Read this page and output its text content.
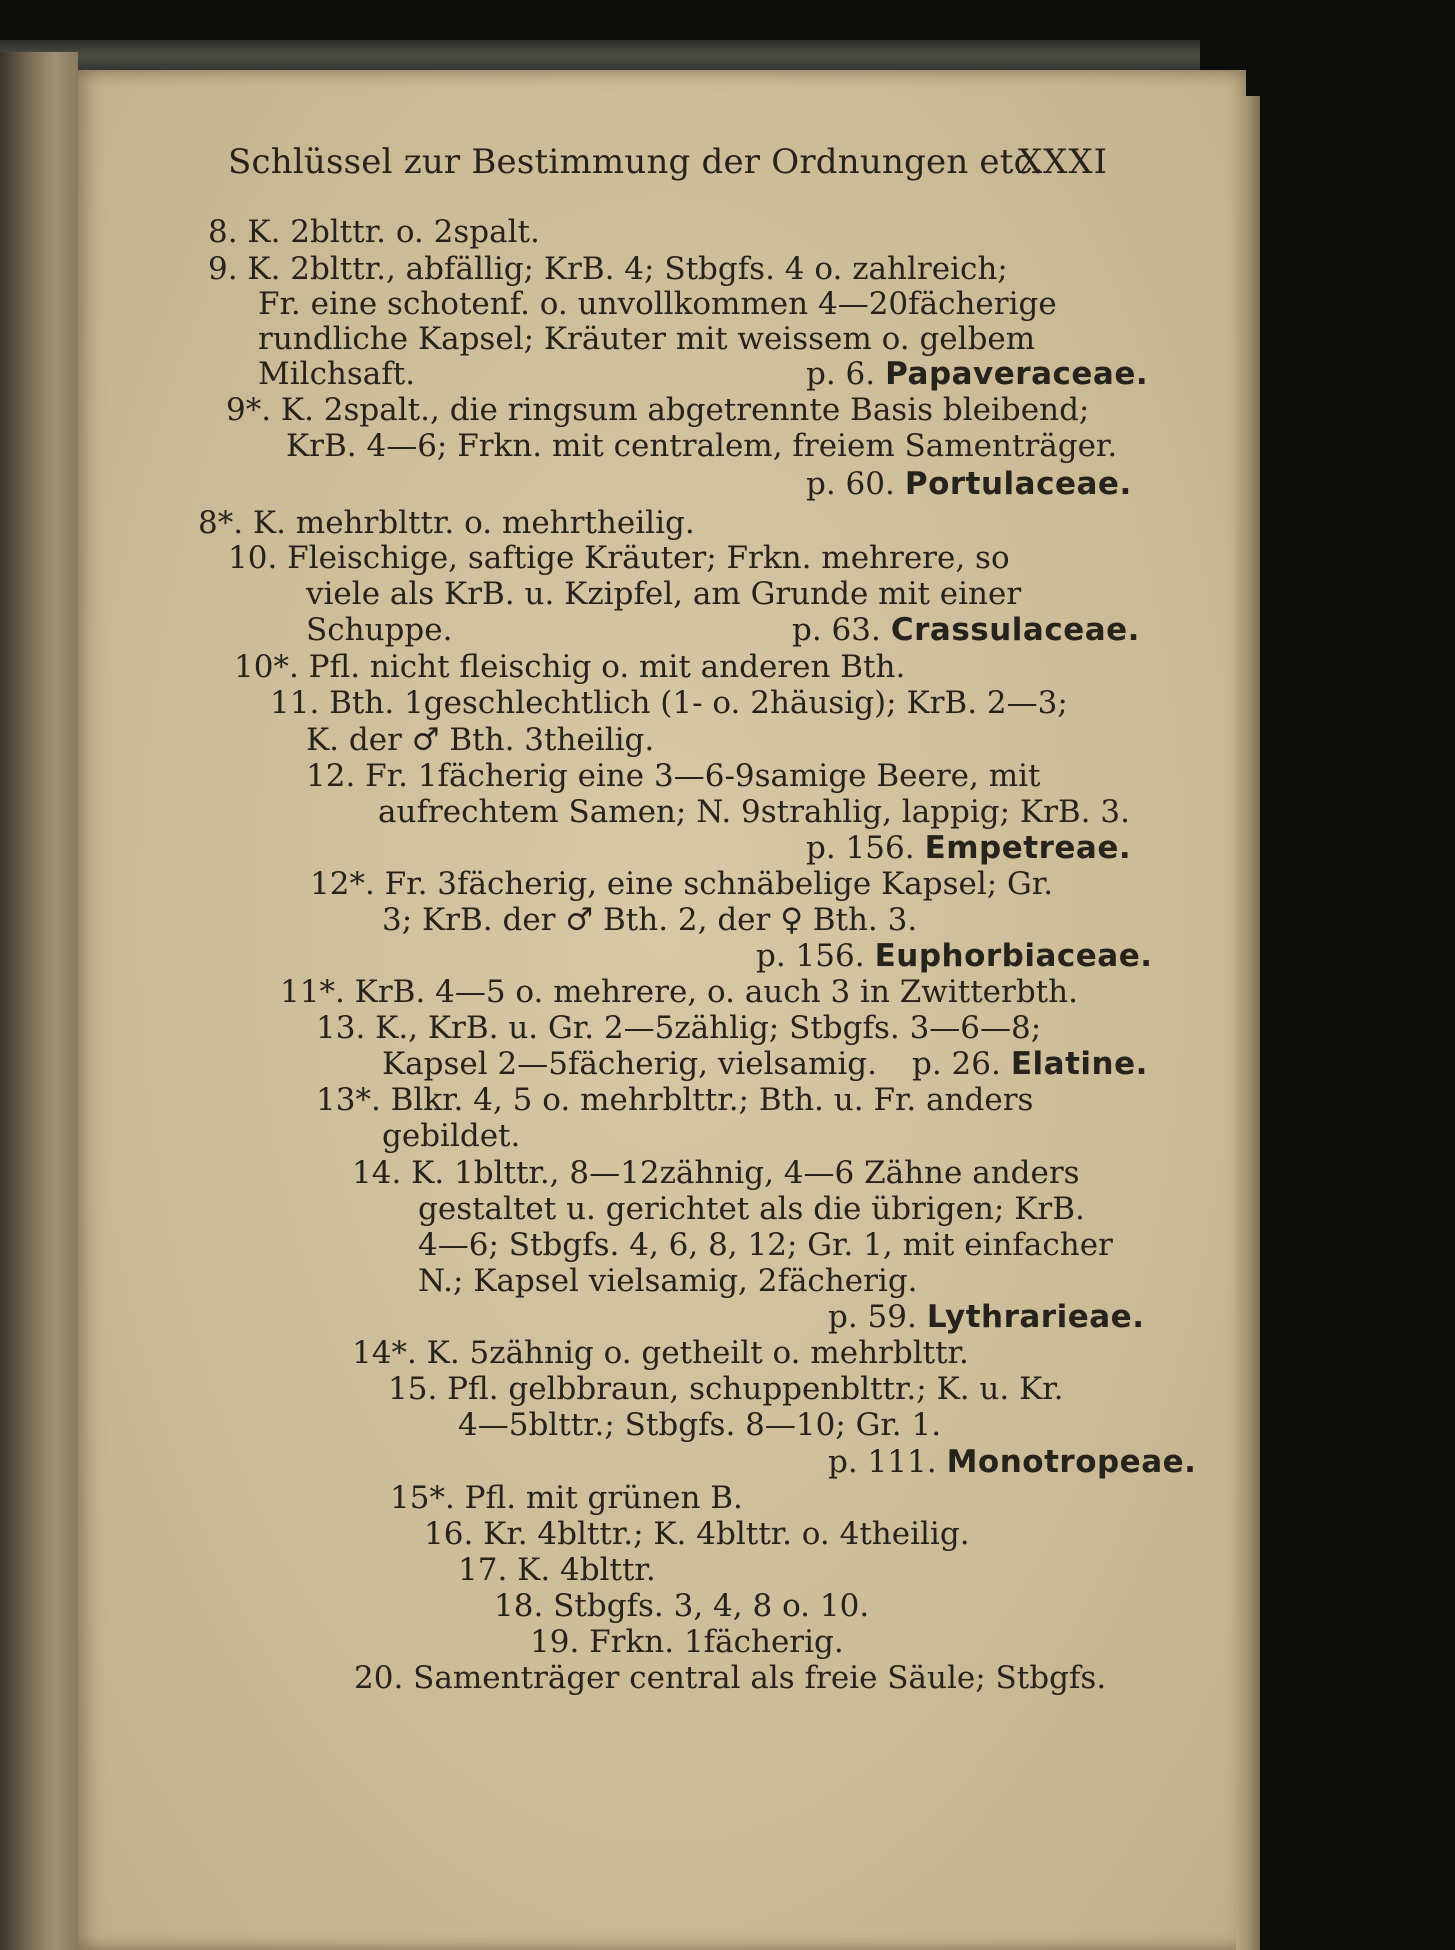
Schlüssel zur Bestimmung der Ordnungen etc.
XXXI
8. K. 2blttr. o. 2spalt.
9. K. 2blttr., abfällig; KrB. 4; Stbgfs. 4 o. zahlreich;
Fr. eine schotenf. o. unvollkommen 4—20fächerige
rundliche Kapsel; Kräuter mit weissem o. gelbem
Milchsaft.	p. 6. Papaveraceae.
9*. K. 2spalt., die ringsum abgetrennte Basis bleibend;
KrB. 4—6; Frkn. mit centralem, freiem Samenträger.
p. 60. Portulaceae.
8*. K. mehrblttr. o. mehrtheilig.
10. Fleischige, saftige Kräuter; Frkn. mehrere, so
viele als KrB. u. Kzipfel, am Grunde mit einer
Schuppe.	p. 63. Crassulaceae.
10*. Pfl. nicht fleischig o. mit anderen Bth.
11. Bth. 1geschlechtlich (1- o. 2häusig); KrB. 2—3;
K. der ♂ Bth. 3theilig.
12. Fr. 1fächerig eine 3—6-9samige Beere, mit
aufrechtem Samen; N. 9strahlig, lappig; KrB. 3.
p. 156. Empetreae.
12*. Fr. 3fächerig, eine schnäbelige Kapsel; Gr.
3; KrB. der ♂ Bth. 2, der ♀ Bth. 3.
p. 156. Euphorbiaceae.
11*. KrB. 4—5 o. mehrere, o. auch 3 in Zwitterbth.
13. K., KrB. u. Gr. 2—5zählig; Stbgfs. 3—6—8;
Kapsel 2—5fächerig, vielsamig. p. 26. Elatine.
13*. Blkr. 4, 5 o. mehrblttr.; Bth. u. Fr. anders
gebildet.
14. K. 1blttr., 8—12zähnig, 4—6 Zähne anders
gestaltet u. gerichtet als die übrigen; KrB.
4—6; Stbgfs. 4, 6, 8, 12; Gr. 1, mit einfacher
N.; Kapsel vielsamig, 2fächerig.
p. 59. Lythrarieae.
14*. K. 5zähnig o. getheilt o. mehrblttr.
15. Pfl. gelbbraun, schuppenblttr.; K. u. Kr.
4—5blttr.; Stbgfs. 8—10; Gr. 1.
p. 111. Monotropeae.
15*. Pfl. mit grünen B.
16. Kr. 4blttr.; K. 4blttr. o. 4theilig.
17. K. 4blttr.
18. Stbgfs. 3, 4, 8 o. 10.
19. Frkn. 1fächerig.
20. Samenträger central als freie Säule; Stbgfs.
